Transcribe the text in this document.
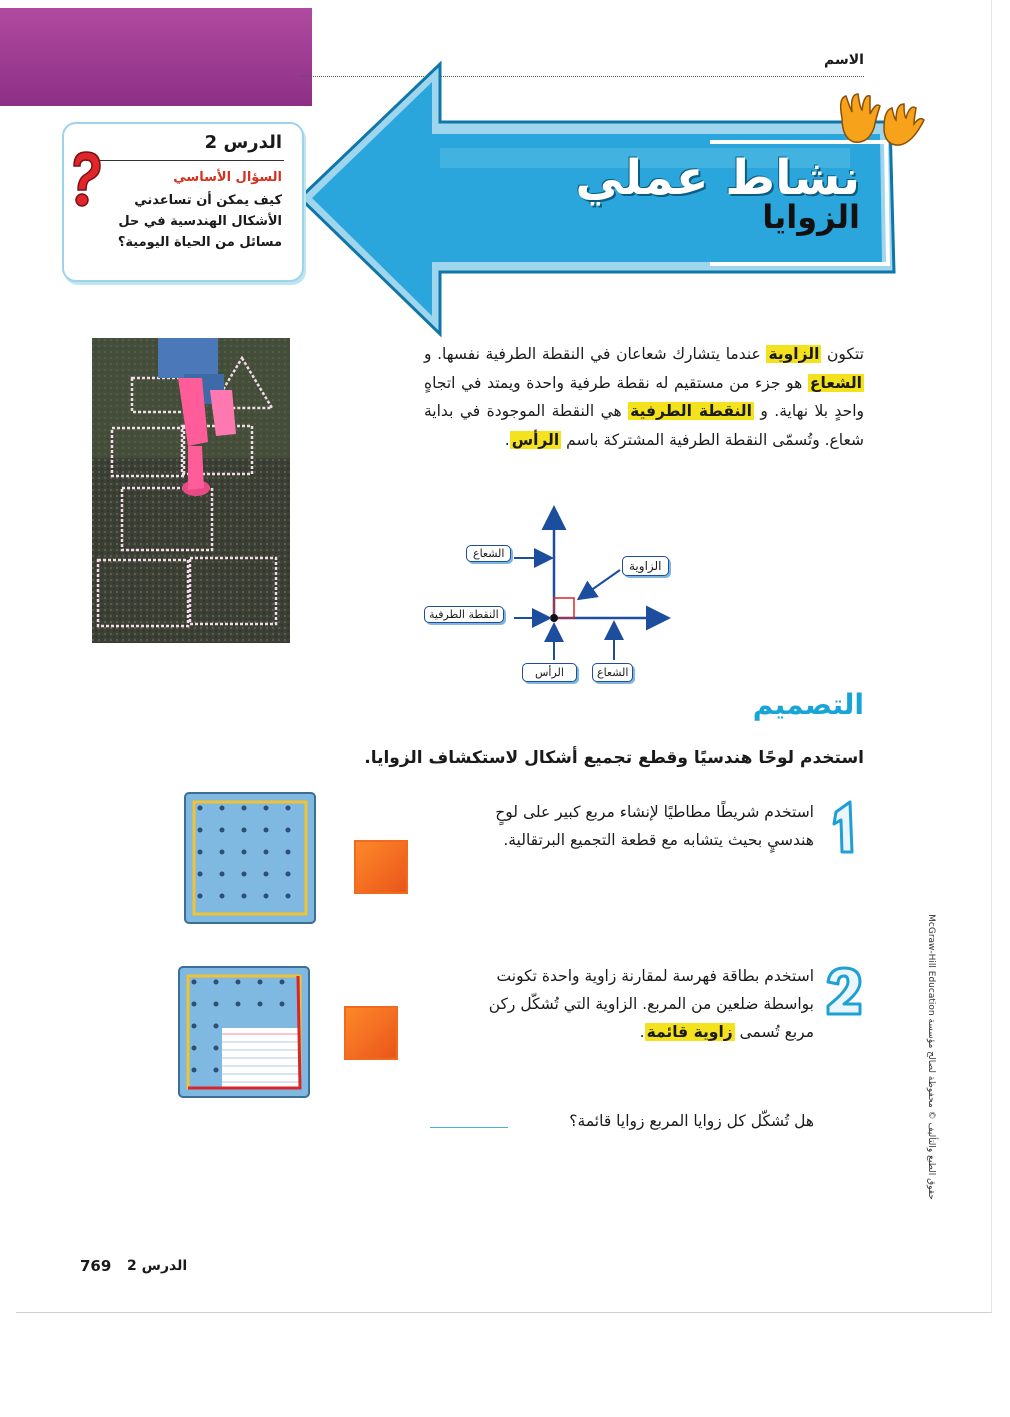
الاسم
نشاط عملي
الزوايا
الدرس 2
السؤال الأساسي
كيف يمكن أن تساعدني الأشكال الهندسية في حل مسائل من الحياة اليومية؟
تتكون الزاوية عندما يتشارك شعاعان في النقطة الطرفية نفسها. و الشعاع هو جزء من مستقيم له نقطة طرفية واحدة ويمتد في اتجاهٍ واحدٍ بلا نهاية. و النقطة الطرفية هي النقطة الموجودة في بداية شعاع. وتُسمّى النقطة الطرفية المشتركة باسم الرأس.
الشعاع
الزاوية
النقطة الطرفية
الرأس	الشعاع
التصميم
استخدم لوحًا هندسيًا وقطع تجميع أشكال لاستكشاف الزوايا.
استخدم شريطًا مطاطيًا لإنشاء مربع كبير على لوحٍ هندسيٍ بحيث يتشابه مع قطعة التجميع البرتقالية.
استخدم بطاقة فهرسة لمقارنة زاوية واحدة تكونت بواسطة ضلعين من المربع. الزاوية التي تُشكّل ركن مربع تُسمى زاوية قائمة.
هل تُشكّل كل زوايا المربع زوايا قائمة؟
McGraw-Hill Education حقوق الطبع والتأليف © محفوظة لصالح مؤسسة
769 الدرس 2
